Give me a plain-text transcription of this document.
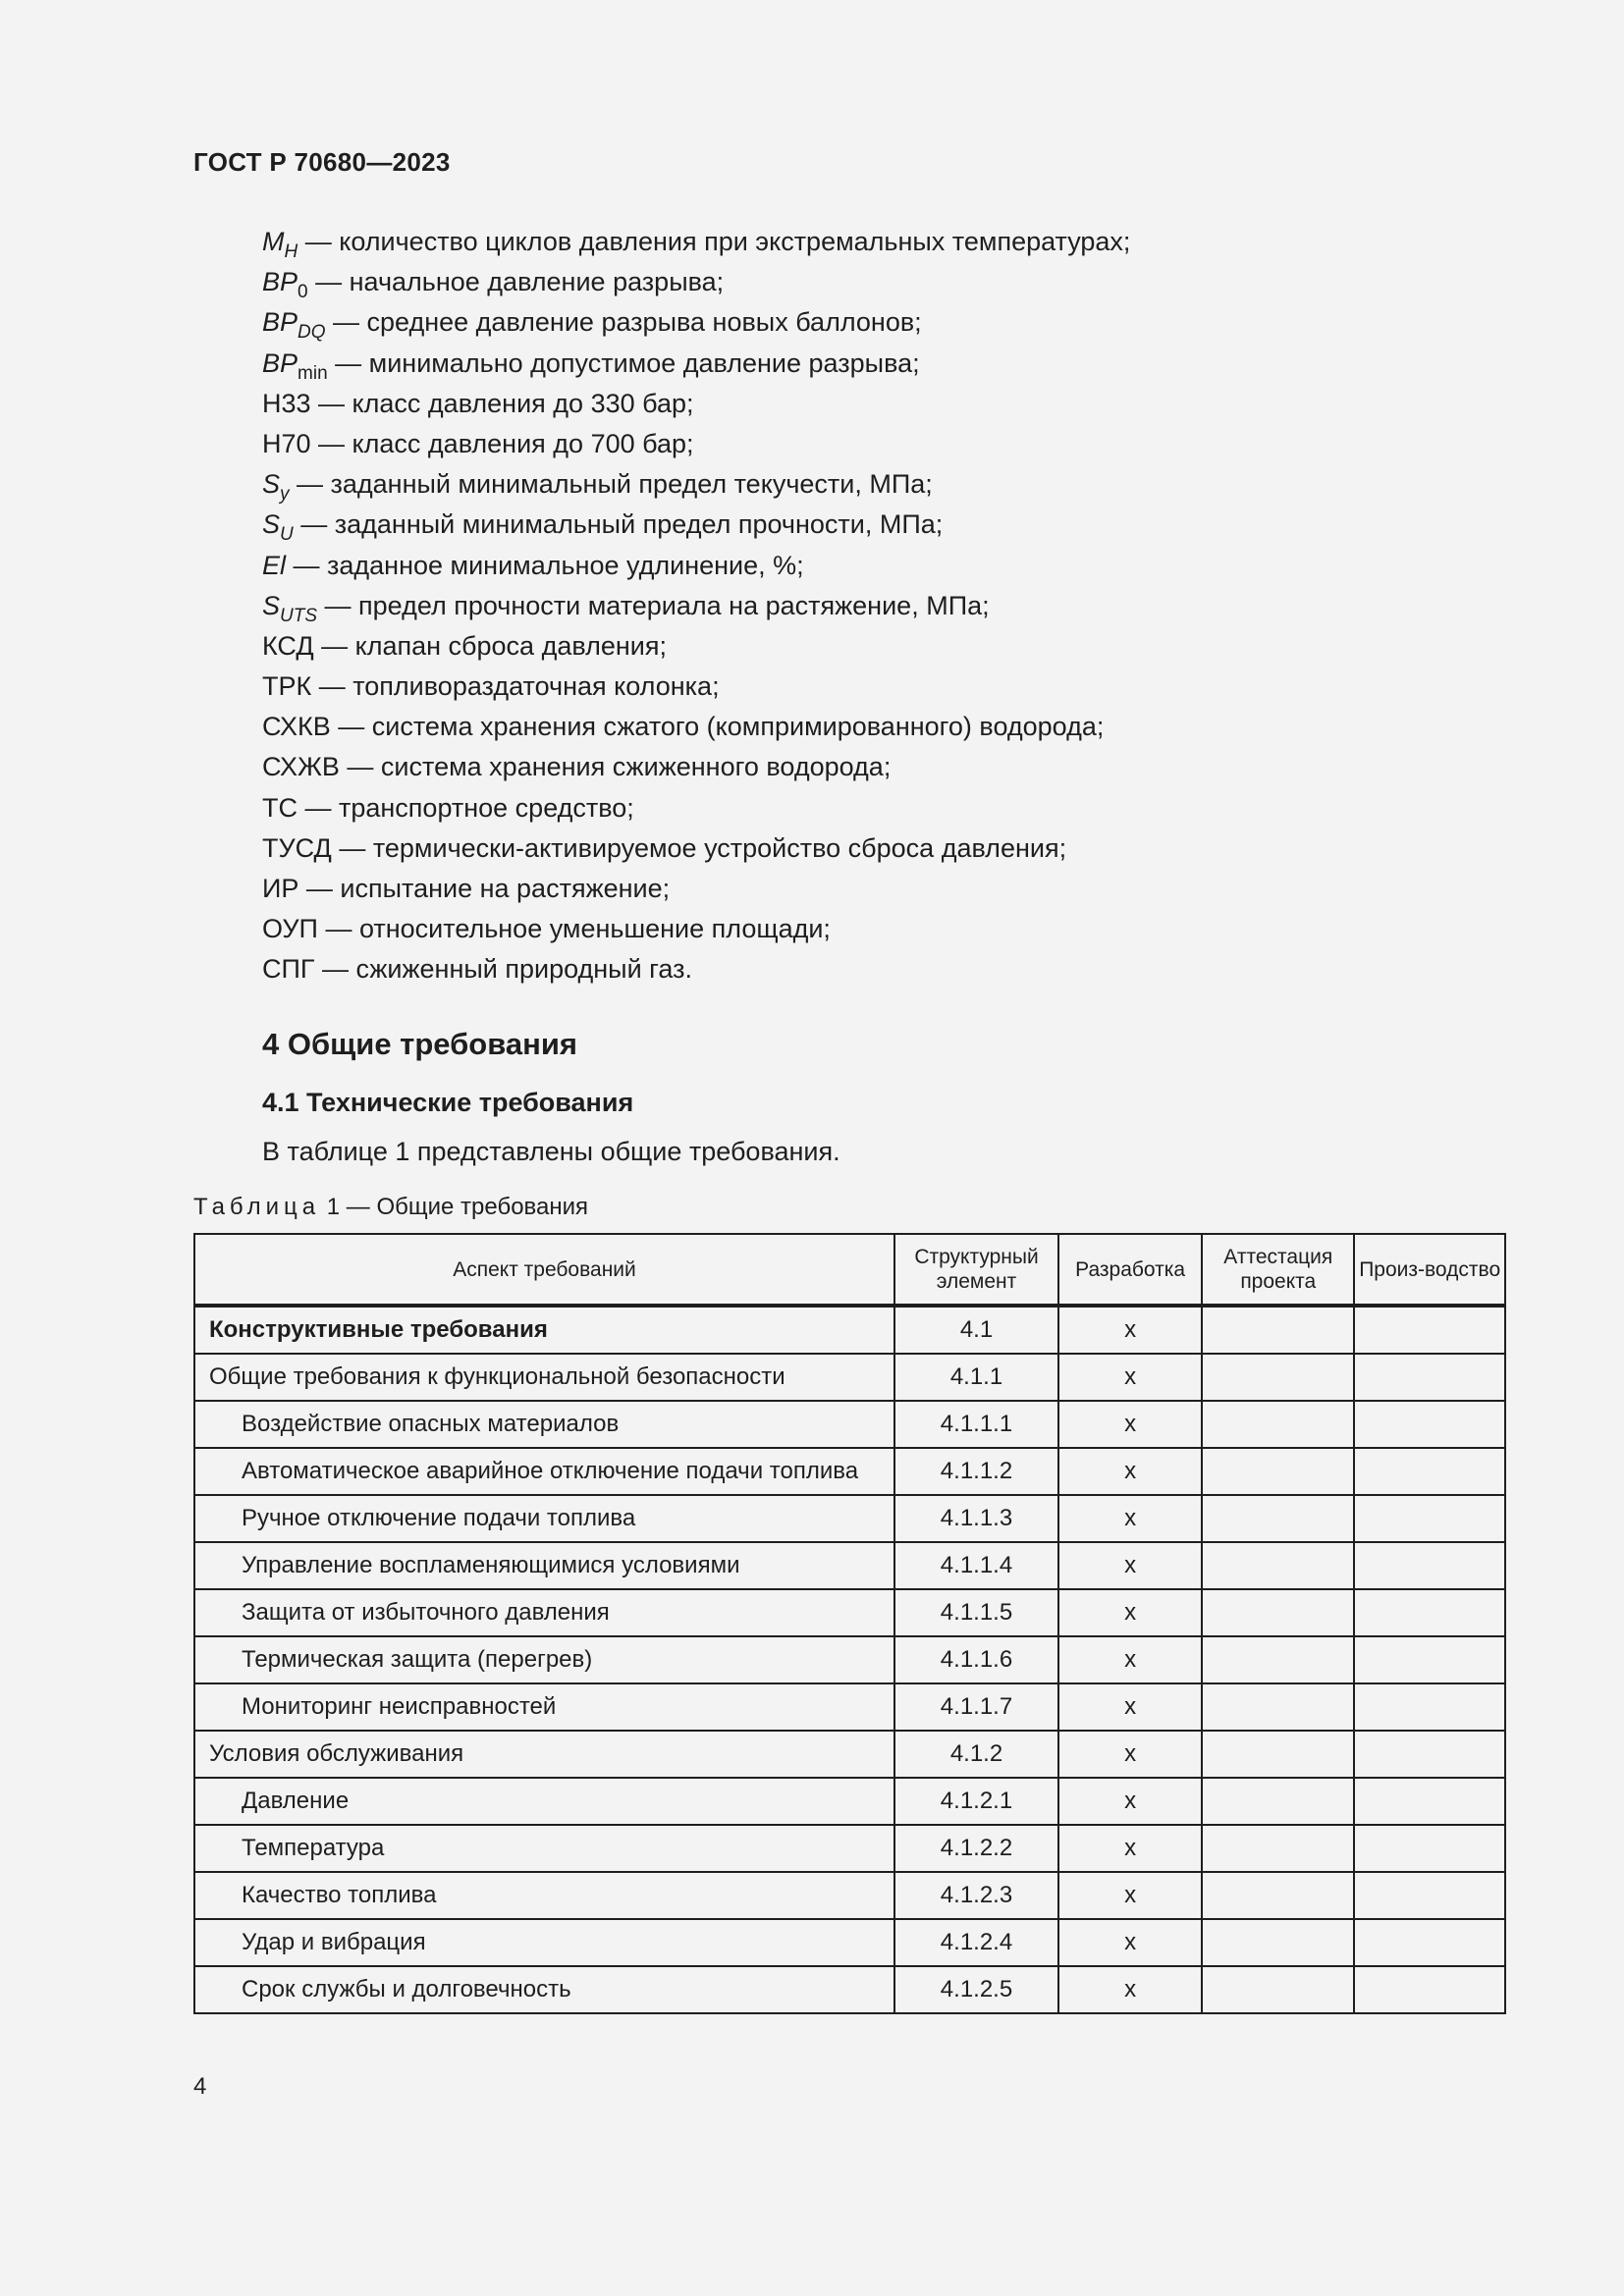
ГОСТ Р 70680—2023
$M_H$ — количество циклов давления при экстремальных температурах;
$BP_0$ — начальное давление разрыва;
$BP_{DQ}$ — среднее давление разрыва новых баллонов;
$BP_{min}$ — минимально допустимое давление разрыва;
Н33 — класс давления до 330 бар;
Н70 — класс давления до 700 бар;
$S_y$ — заданный минимальный предел текучести, МПа;
$S_U$ — заданный минимальный предел прочности, МПа;
El — заданное минимальное удлинение, %;
$S_{UTS}$ — предел прочности материала на растяжение, МПа;
КСД — клапан сброса давления;
ТРК — топливораздаточная колонка;
СХКВ — система хранения сжатого (компримированного) водорода;
СХЖВ — система хранения сжиженного водорода;
ТС — транспортное средство;
ТУСД — термически-активируемое устройство сброса давления;
ИР — испытание на растяжение;
ОУП — относительное уменьшение площади;
СПГ — сжиженный природный газ.
4 Общие требования
4.1 Технические требования
В таблице 1 представлены общие требования.
Таблица 1 — Общие требования
Аспект требований	Структурный элемент	Разработка	Аттестация проекта	Произ-водство
Конструктивные требования	4.1	х		
Общие требования к функциональной безопасности	4.1.1	х		
Воздействие опасных материалов	4.1.1.1	х		
Автоматическое аварийное отключение подачи топлива	4.1.1.2	х		
Ручное отключение подачи топлива	4.1.1.3	х		
Управление воспламеняющимися условиями	4.1.1.4	х		
Защита от избыточного давления	4.1.1.5	х		
Термическая защита (перегрев)	4.1.1.6	х		
Мониторинг неисправностей	4.1.1.7	х		
Условия обслуживания	4.1.2	х		
Давление	4.1.2.1	х		
Температура	4.1.2.2	х		
Качество топлива	4.1.2.3	х		
Удар и вибрация	4.1.2.4	х		
Срок службы и долговечность	4.1.2.5	х		
4
